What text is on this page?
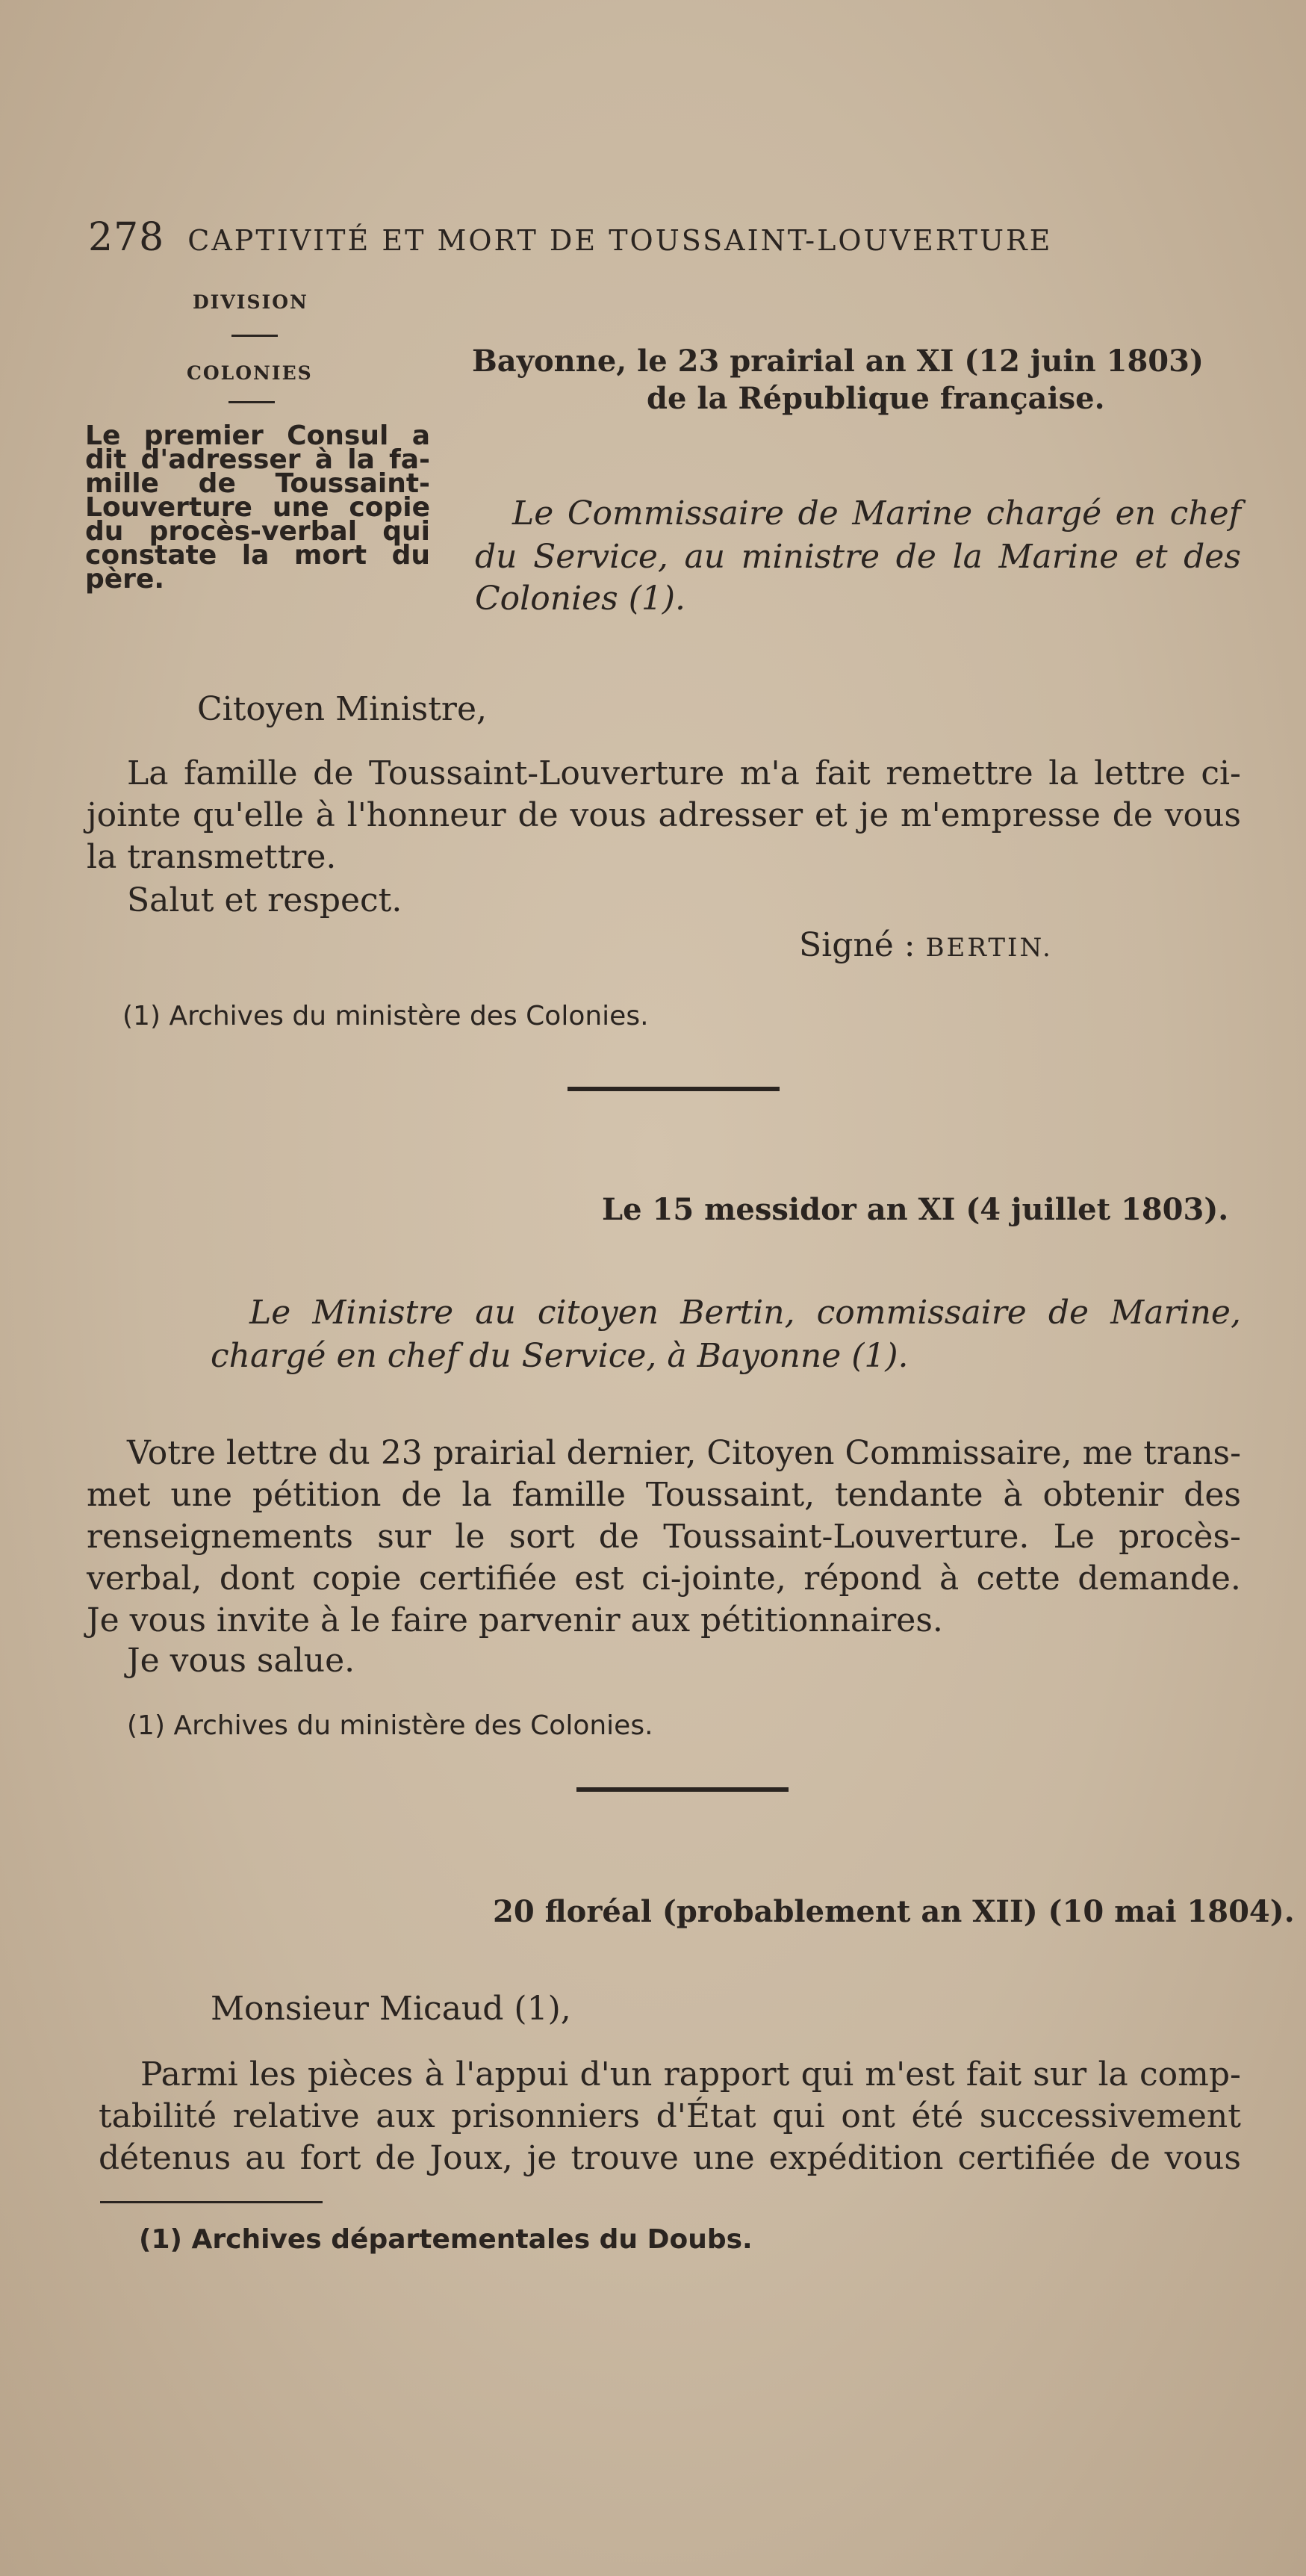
278 CAPTIVITÉ ET MORT DE TOUSSAINT-LOUVERTURE
DIVISION
COLONIES
Le premier Consul a
dit d'adresser à la fa-
mille de Toussaint-
Louverture une copie
du procès-verbal qui
constate la mort du
père.
Bayonne, le 23 prairial an XI (12 juin 1803)
de la République française.
Le Commissaire de Marine chargé en chef
du Service, au ministre de la Marine et des
Colonies (1).
Citoyen Ministre,
La famille de Toussaint-Louverture m'a fait remettre la lettre ci-
jointe qu'elle à l'honneur de vous adresser et je m'empresse de vous
la transmettre.
Salut et respect.
Signé : BERTIN.
(1) Archives du ministère des Colonies.
Le 15 messidor an XI (4 juillet 1803).
Le Ministre au citoyen Bertin, commissaire de Marine,
chargé en chef du Service, à Bayonne (1).
Votre lettre du 23 prairial dernier, Citoyen Commissaire, me trans-
met une pétition de la famille Toussaint, tendante à obtenir des
renseignements sur le sort de Toussaint-Louverture. Le procès-
verbal, dont copie certifiée est ci-jointe, répond à cette demande.
Je vous invite à le faire parvenir aux pétitionnaires.
Je vous salue.
(1) Archives du ministère des Colonies.
20 floréal (probablement an XII) (10 mai 1804).
Monsieur Micaud (1),
Parmi les pièces à l'appui d'un rapport qui m'est fait sur la comp-
tabilité relative aux prisonniers d'État qui ont été successivement
détenus au fort de Joux, je trouve une expédition certifiée de vous
(1) Archives départementales du Doubs.
